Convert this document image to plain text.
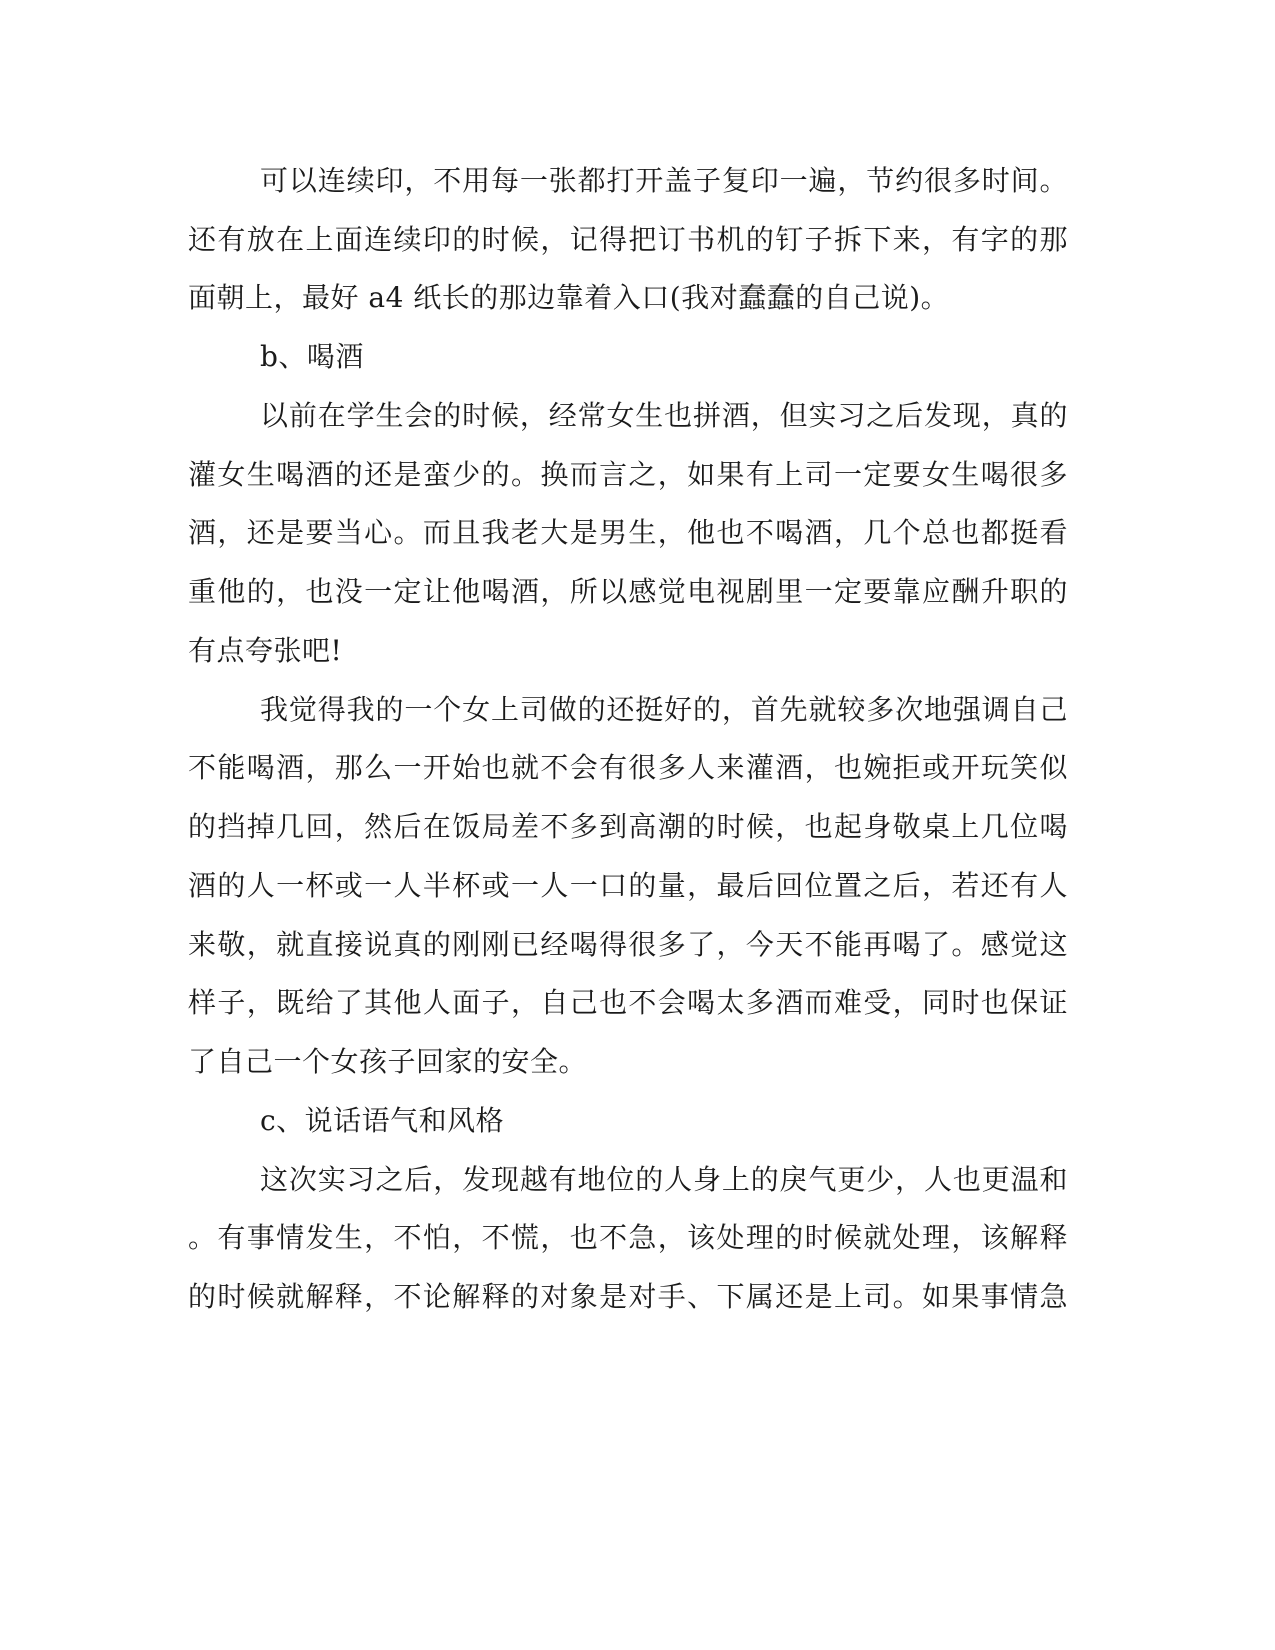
可以连续印，不用每一张都打开盖子复印一遍，节约很多时间。
还有放在上面连续印的时候，记得把订书机的钉子拆下来，有字的那
面朝上，最好 a4 纸长的那边靠着入口(我对蠢蠢的自己说)。
b、喝酒
以前在学生会的时候，经常女生也拼酒，但实习之后发现，真的
灌女生喝酒的还是蛮少的。换而言之，如果有上司一定要女生喝很多
酒，还是要当心。而且我老大是男生，他也不喝酒，几个总也都挺看
重他的，也没一定让他喝酒，所以感觉电视剧里一定要靠应酬升职的
有点夸张吧!
我觉得我的一个女上司做的还挺好的，首先就较多次地强调自己
不能喝酒，那么一开始也就不会有很多人来灌酒，也婉拒或开玩笑似
的挡掉几回，然后在饭局差不多到高潮的时候，也起身敬桌上几位喝
酒的人一杯或一人半杯或一人一口的量，最后回位置之后，若还有人
来敬，就直接说真的刚刚已经喝得很多了，今天不能再喝了。感觉这
样子，既给了其他人面子，自己也不会喝太多酒而难受，同时也保证
了自己一个女孩子回家的安全。
c、说话语气和风格
这次实习之后，发现越有地位的人身上的戾气更少，人也更温和
。有事情发生，不怕，不慌，也不急，该处理的时候就处理，该解释
的时候就解释，不论解释的对象是对手、下属还是上司。如果事情急
